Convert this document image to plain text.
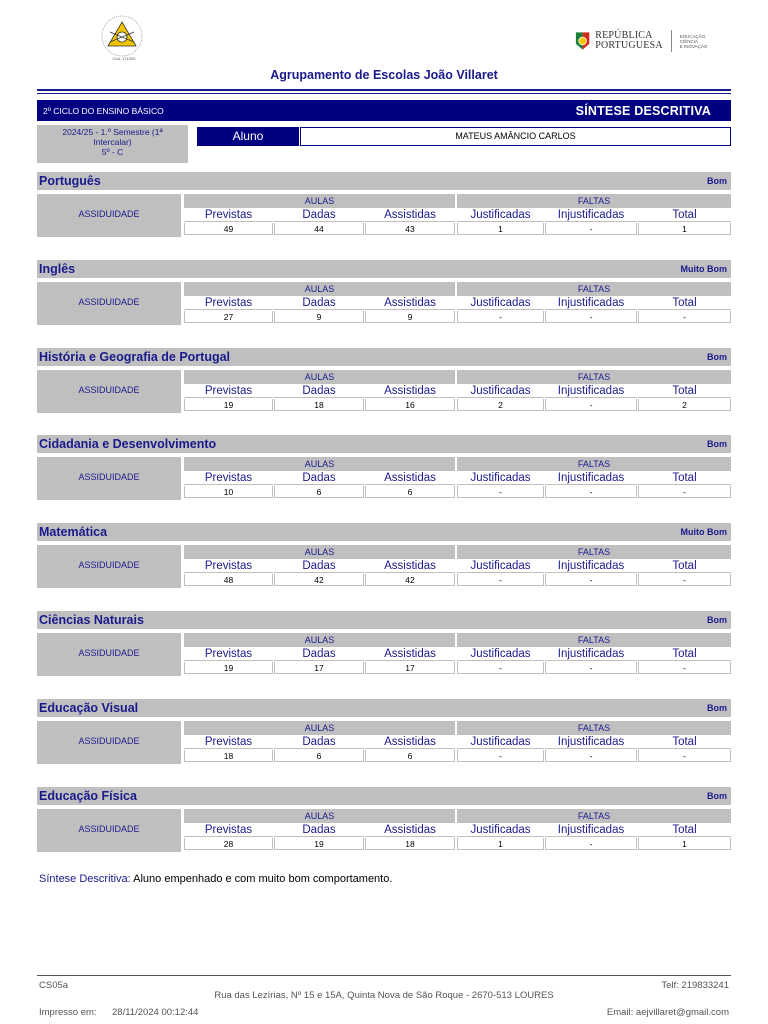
Cód. 171000
REPÚBLICA
PORTUGUESA
EDUCAÇÃO, CIÊNCIA
E INOVAÇÃO
Agrupamento de Escolas João Villaret
2º CICLO DO ENSINO BÁSICO	SÍNTESE DESCRITIVA
2024/25 - 1.º Semestre (1ª
Intercalar)
5º - C
Aluno	MATEUS AMÂNCIO CARLOS
Português	Bom
ASSIDUIDADE
AULAS	FALTAS
Previstas
49
Dadas
44
Assistidas
43
Justificadas
1
Injustificadas
-
Total
1
Inglês	Muito Bom
ASSIDUIDADE
AULAS	FALTAS
Previstas
27
Dadas
9
Assistidas
9
Justificadas
-
Injustificadas
-
Total
-
História e Geografia de Portugal	Bom
ASSIDUIDADE
AULAS	FALTAS
Previstas
19
Dadas
18
Assistidas
16
Justificadas
2
Injustificadas
-
Total
2
Cidadania e Desenvolvimento	Bom
ASSIDUIDADE
AULAS	FALTAS
Previstas
10
Dadas
6
Assistidas
6
Justificadas
-
Injustificadas
-
Total
-
Matemática	Muito Bom
ASSIDUIDADE
AULAS	FALTAS
Previstas
48
Dadas
42
Assistidas
42
Justificadas
-
Injustificadas
-
Total
-
Ciências Naturais	Bom
ASSIDUIDADE
AULAS	FALTAS
Previstas
19
Dadas
17
Assistidas
17
Justificadas
-
Injustificadas
-
Total
-
Educação Visual	Bom
ASSIDUIDADE
AULAS	FALTAS
Previstas
18
Dadas
6
Assistidas
6
Justificadas
-
Injustificadas
-
Total
-
Educação Física	Bom
ASSIDUIDADE
AULAS	FALTAS
Previstas
28
Dadas
19
Assistidas
18
Justificadas
1
Injustificadas
-
Total
1
Síntese Descritiva: Aluno empenhado e com muito bom comportamento.
CS05a	Telf: 219833241
Rua das Lezírias, Nº 15 e 15A, Quinta Nova de São Roque - 2670-513 LOURES
Impresso em: 28/11/2024 00:12:44	Email: aejvillaret@gmail.com
